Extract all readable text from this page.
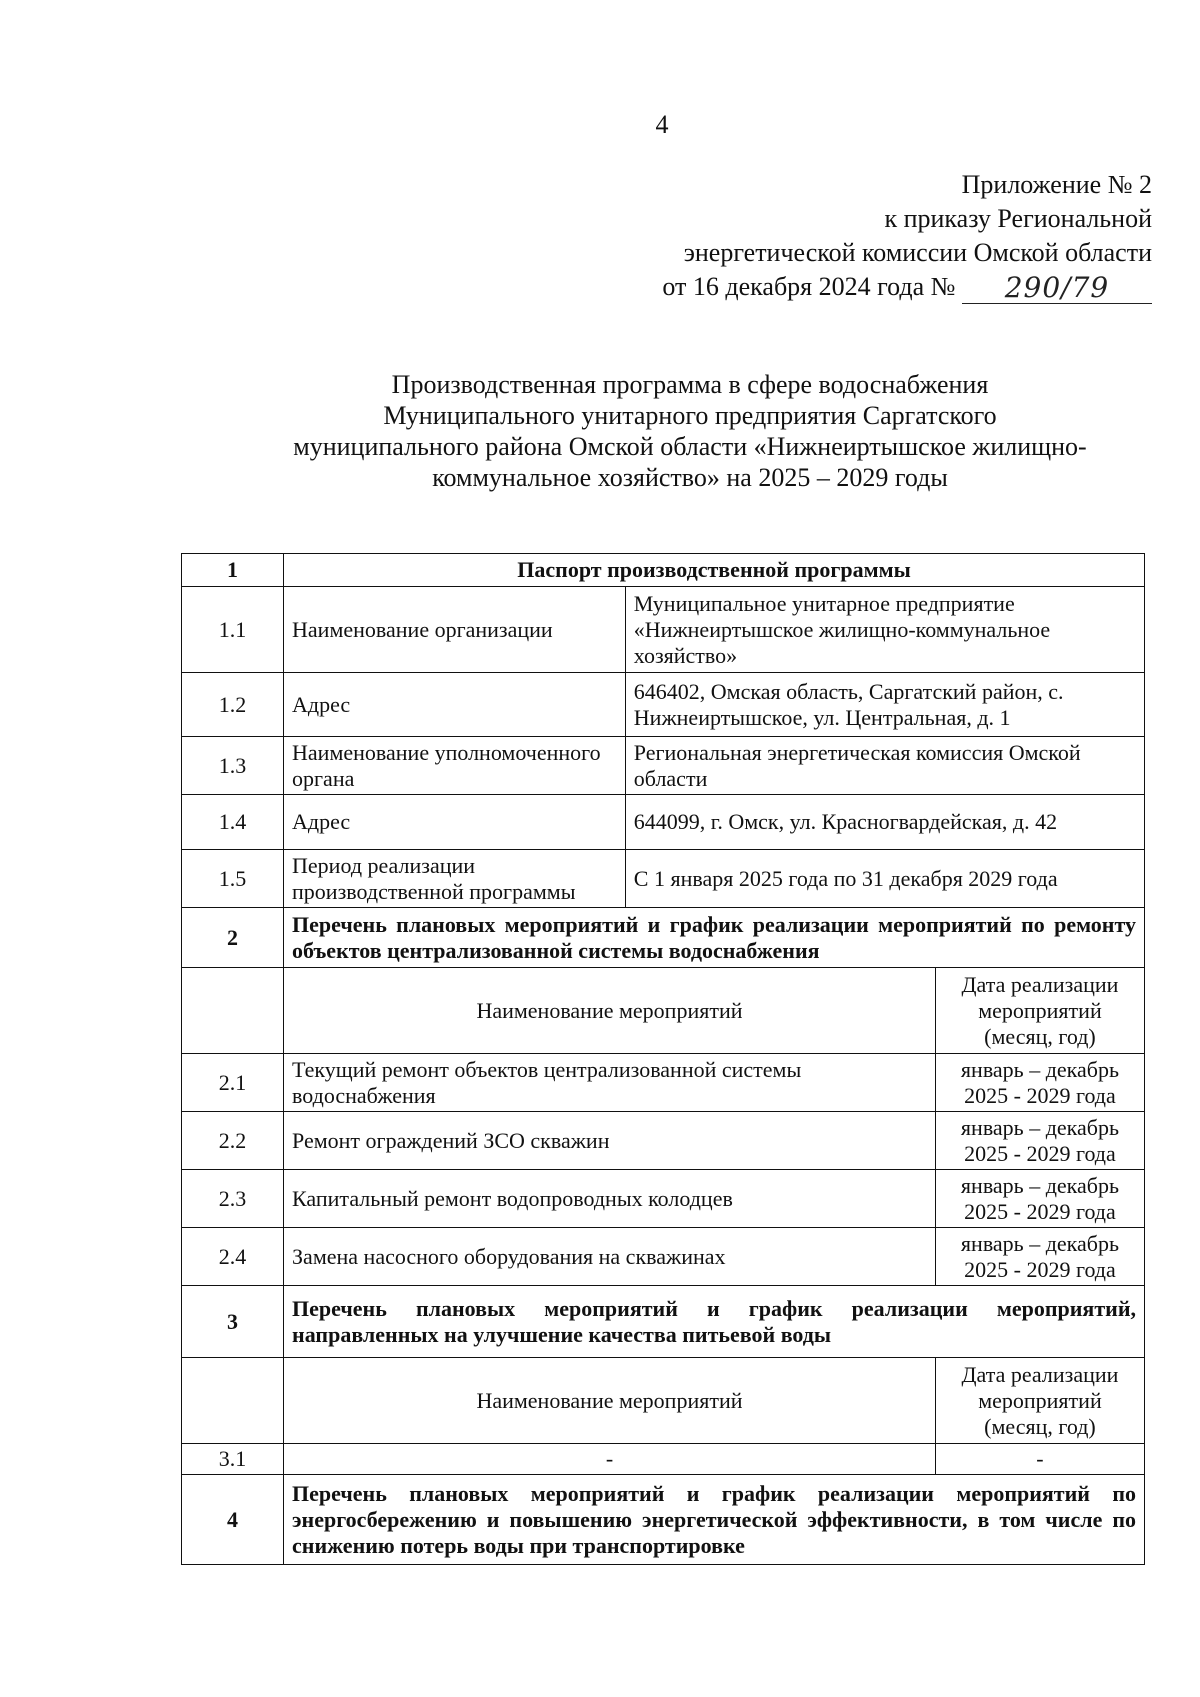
4
Приложение № 2
к приказу Региональной
энергетической комиссии Омской области
от 16 декабря 2024 года № 290/79
Производственная программа в сфере водоснабжения
Муниципального унитарного предприятия Саргатского
муниципального района Омской области «Нижнеиртышское жилищно-
коммунальное хозяйство» на 2025 – 2029 годы
1	Паспорт производственной программы		
1.1	Наименование организации	Муниципальное унитарное предприятие «Нижнеиртышское жилищно-коммунальное хозяйство»	
1.2	Адрес	646402, Омская область, Саргатский район, с. Нижнеиртышское, ул. Центральная, д. 1	
1.3	Наименование уполномоченного органа	Региональная энергетическая комиссия Омской области	
1.4	Адрес	644099, г. Омск, ул. Красногвардейская, д. 42	
1.5	Период реализации производственной программы	С 1 января 2025 года по 31 декабря 2029 года	
2	Перечень плановых мероприятий и график реализации мероприятий по ремонту объектов централизованной системы водоснабжения		
	Наименование мероприятий		Дата реализации мероприятий (месяц, год)
2.1	Текущий ремонт объектов централизованной системы водоснабжения		январь – декабрь 2025 - 2029 года
2.2	Ремонт ограждений ЗСО скважин		январь – декабрь 2025 - 2029 года
2.3	Капитальный ремонт водопроводных колодцев		январь – декабрь 2025 - 2029 года
2.4	Замена насосного оборудования на скважинах		январь – декабрь 2025 - 2029 года
3	Перечень плановых мероприятий и график реализации мероприятий, направленных на улучшение качества питьевой воды		
	Наименование мероприятий		Дата реализации мероприятий (месяц, год)
3.1	-		-
4	Перечень плановых мероприятий и график реализации мероприятий по энергосбережению и повышению энергетической эффективности, в том числе по снижению потерь воды при транспортировке		
